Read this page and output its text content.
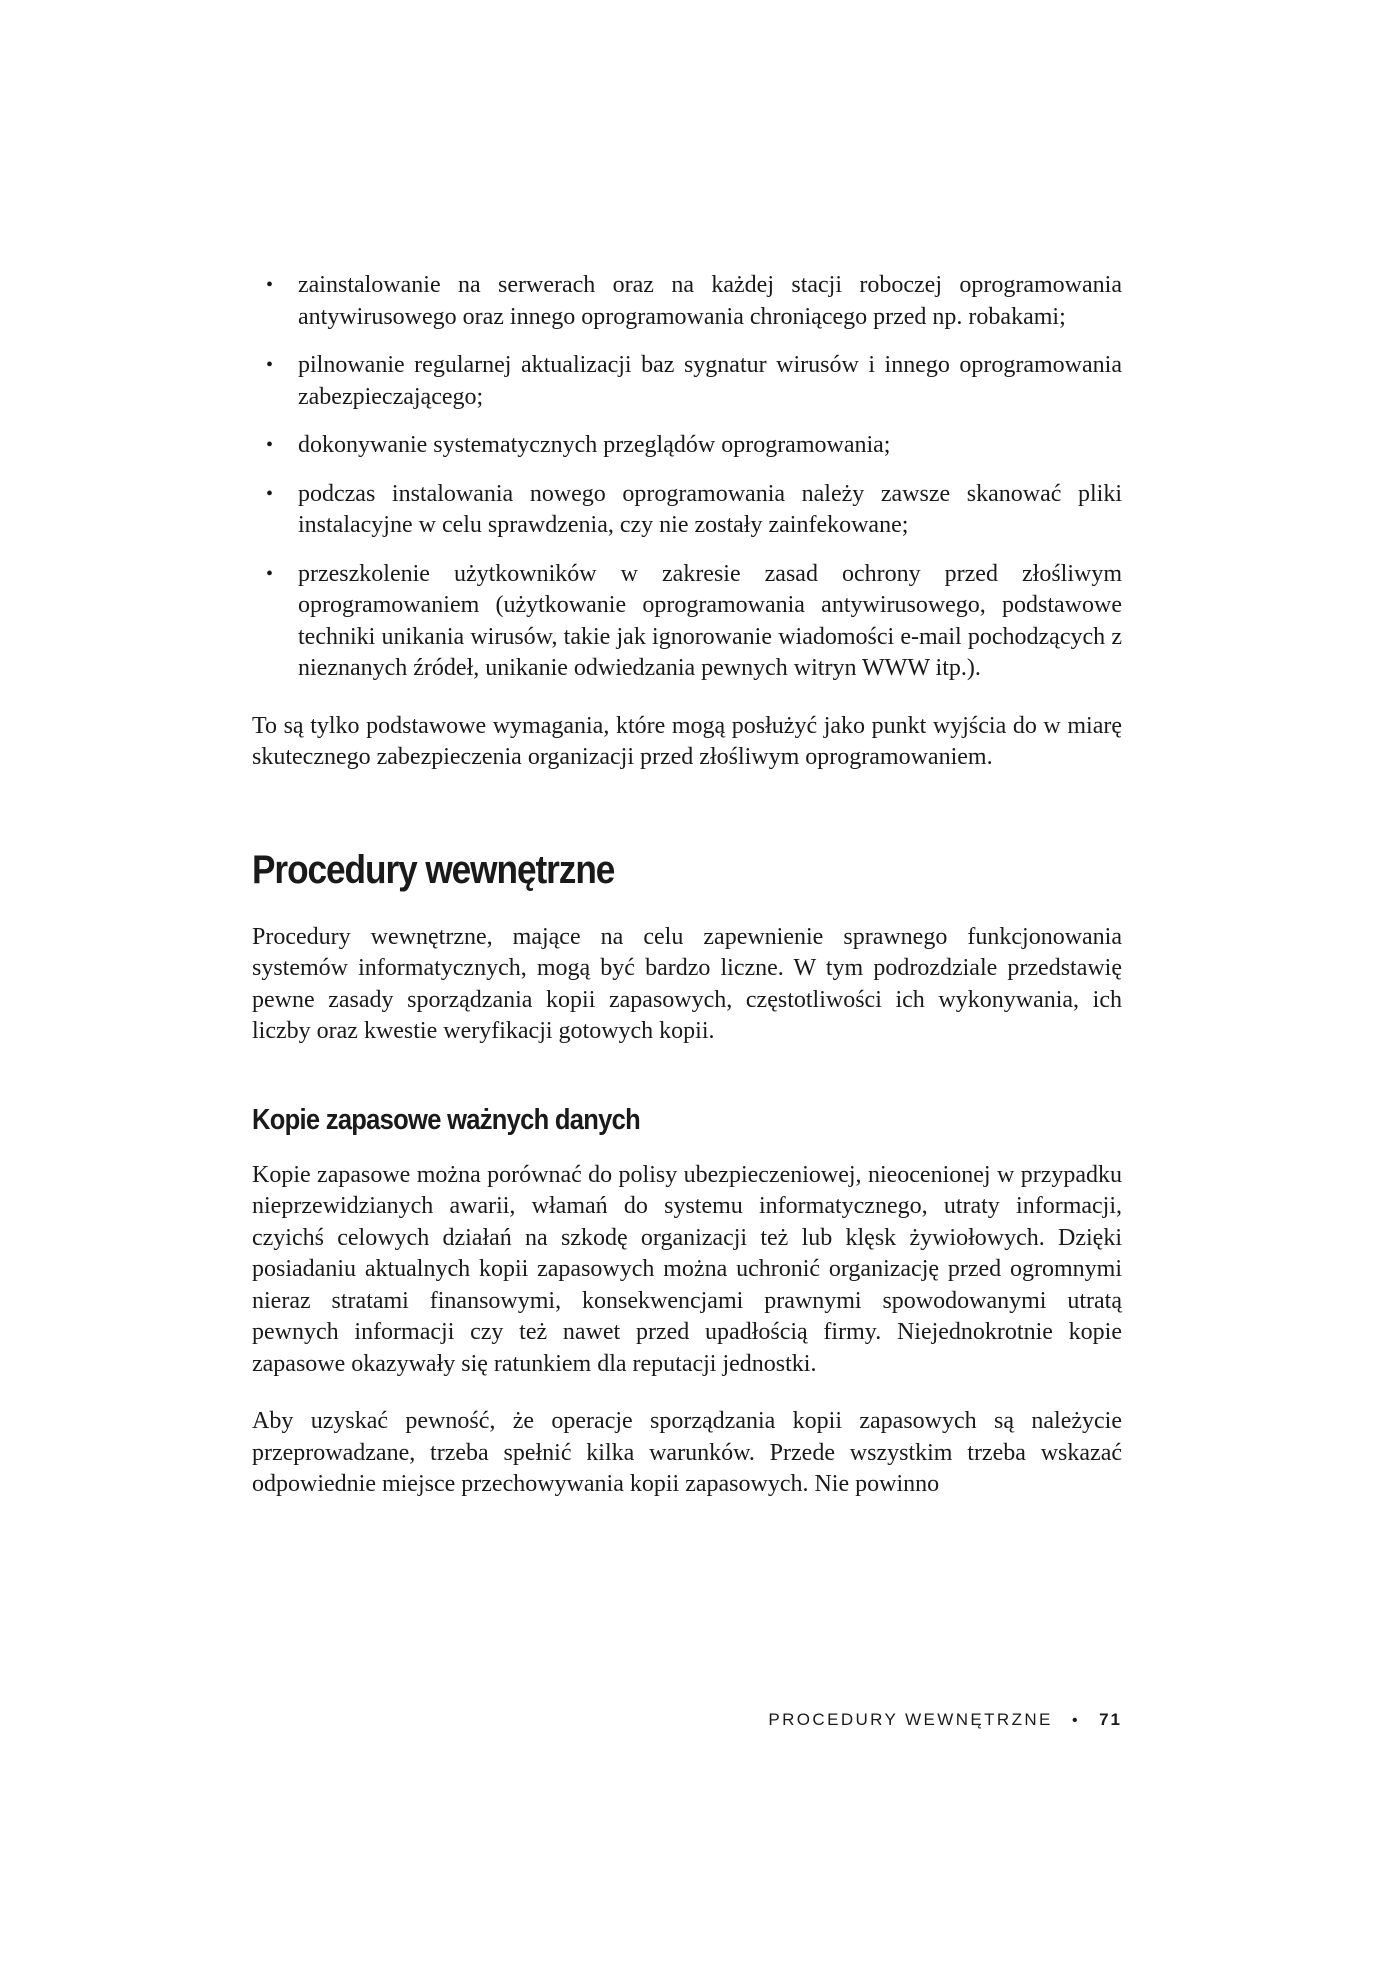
• zainstalowanie na serwerach oraz na każdej stacji roboczej oprogramowania antywirusowego oraz innego oprogramowania chroniącego przed np. robakami;
• pilnowanie regularnej aktualizacji baz sygnatur wirusów i innego oprogramowania zabezpieczającego;
• dokonywanie systematycznych przeglądów oprogramowania;
• podczas instalowania nowego oprogramowania należy zawsze skanować pliki instalacyjne w celu sprawdzenia, czy nie zostały zainfekowane;
• przeszkolenie użytkowników w zakresie zasad ochrony przed złośliwym oprogramowaniem (użytkowanie oprogramowania antywirusowego, podstawowe techniki unikania wirusów, takie jak ignorowanie wiadomości e-mail pochodzących z nieznanych źródeł, unikanie odwiedzania pewnych witryn WWW itp.).

To są tylko podstawowe wymagania, które mogą posłużyć jako punkt wyjścia do w miarę skutecznego zabezpieczenia organizacji przed złośliwym oprogramowaniem.

Procedury wewnętrzne

Procedury wewnętrzne, mające na celu zapewnienie sprawnego funkcjonowania systemów informatycznych, mogą być bardzo liczne. W tym podrozdziale przedstawię pewne zasady sporządzania kopii zapasowych, częstotliwości ich wykonywania, ich liczby oraz kwestie weryfikacji gotowych kopii.

Kopie zapasowe ważnych danych

Kopie zapasowe można porównać do polisy ubezpieczeniowej, nieocenionej w przypadku nieprzewidzianych awarii, włamań do systemu informatycznego, utraty informacji, czyichś celowych działań na szkodę organizacji też lub klęsk żywiołowych. Dzięki posiadaniu aktualnych kopii zapasowych można uchronić organizację przed ogromnymi nieraz stratami finansowymi, konsekwencjami prawnymi spowodowanymi utratą pewnych informacji czy też nawet przed upadłością firmy. Niejednokrotnie kopie zapasowe okazywały się ratunkiem dla reputacji jednostki.

Aby uzyskać pewność, że operacje sporządzania kopii zapasowych są należycie przeprowadzane, trzeba spełnić kilka warunków. Przede wszystkim trzeba wskazać odpowiednie miejsce przechowywania kopii zapasowych. Nie powinno

PROCEDURY WEWNĘTRZNE • 71
